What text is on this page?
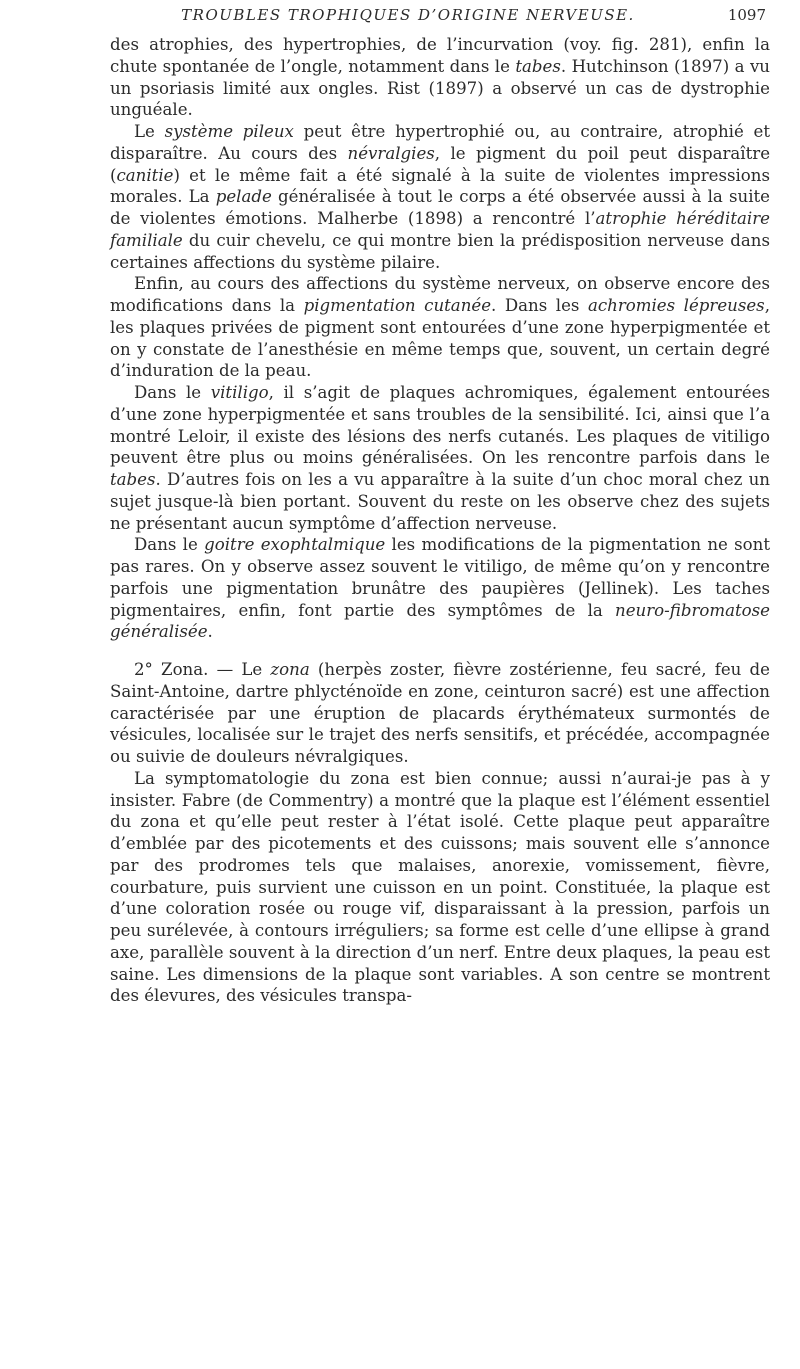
TROUBLES TROPHIQUES D’ORIGINE NERVEUSE.	1097

des atrophies, des hypertrophies, de l’incurvation (voy. fig. 281), enfin la chute spontanée de l’ongle, notamment dans le tabes. Hutchinson (1897) a vu un psoriasis limité aux ongles. Rist (1897) a observé un cas de dystrophie unguéale.

Le système pileux peut être hypertrophié ou, au contraire, atrophié et disparaître. Au cours des névralgies, le pigment du poil peut disparaître (canitie) et le même fait a été signalé à la suite de violentes impressions morales. La pelade généralisée à tout le corps a été observée aussi à la suite de violentes émotions. Malherbe (1898) a rencontré l’atrophie héréditaire familiale du cuir chevelu, ce qui montre bien la prédisposition nerveuse dans certaines affections du système pilaire.

Enfin, au cours des affections du système nerveux, on observe encore des modifications dans la pigmentation cutanée. Dans les achromies lépreuses, les plaques privées de pigment sont entourées d’une zone hyperpigmentée et on y constate de l’anesthésie en même temps que, souvent, un certain degré d’induration de la peau.

Dans le vitiligo, il s’agit de plaques achromiques, également entourées d’une zone hyperpigmentée et sans troubles de la sensibilité. Ici, ainsi que l’a montré Leloir, il existe des lésions des nerfs cutanés. Les plaques de vitiligo peuvent être plus ou moins généralisées. On les rencontre parfois dans le tabes. D’autres fois on les a vu apparaître à la suite d’un choc moral chez un sujet jusque-là bien portant. Souvent du reste on les observe chez des sujets ne présentant aucun symptôme d’affection nerveuse.

Dans le goitre exophtalmique les modifications de la pigmentation ne sont pas rares. On y observe assez souvent le vitiligo, de même qu’on y rencontre parfois une pigmentation brunâtre des paupières (Jellinek). Les taches pigmentaires, enfin, font partie des symptômes de la neuro-fibromatose généralisée.

2° Zona. — Le zona (herpès zoster, fièvre zostérienne, feu sacré, feu de Saint-Antoine, dartre phlycténoïde en zone, ceinturon sacré) est une affection caractérisée par une éruption de placards érythémateux surmontés de vésicules, localisée sur le trajet des nerfs sensitifs, et précédée, accompagnée ou suivie de douleurs névralgiques.

La symptomatologie du zona est bien connue; aussi n’aurai-je pas à y insister. Fabre (de Commentry) a montré que la plaque est l’élément essentiel du zona et qu’elle peut rester à l’état isolé. Cette plaque peut apparaître d’emblée par des picotements et des cuissons; mais souvent elle s’annonce par des prodromes tels que malaises, anorexie, vomissement, fièvre, courbature, puis survient une cuisson en un point. Constituée, la plaque est d’une coloration rosée ou rouge vif, disparaissant à la pression, parfois un peu surélevée, à contours irréguliers; sa forme est celle d’une ellipse à grand axe, parallèle souvent à la direction d’un nerf. Entre deux plaques, la peau est saine. Les dimensions de la plaque sont variables. A son centre se montrent des élevures, des vésicules transpa-
